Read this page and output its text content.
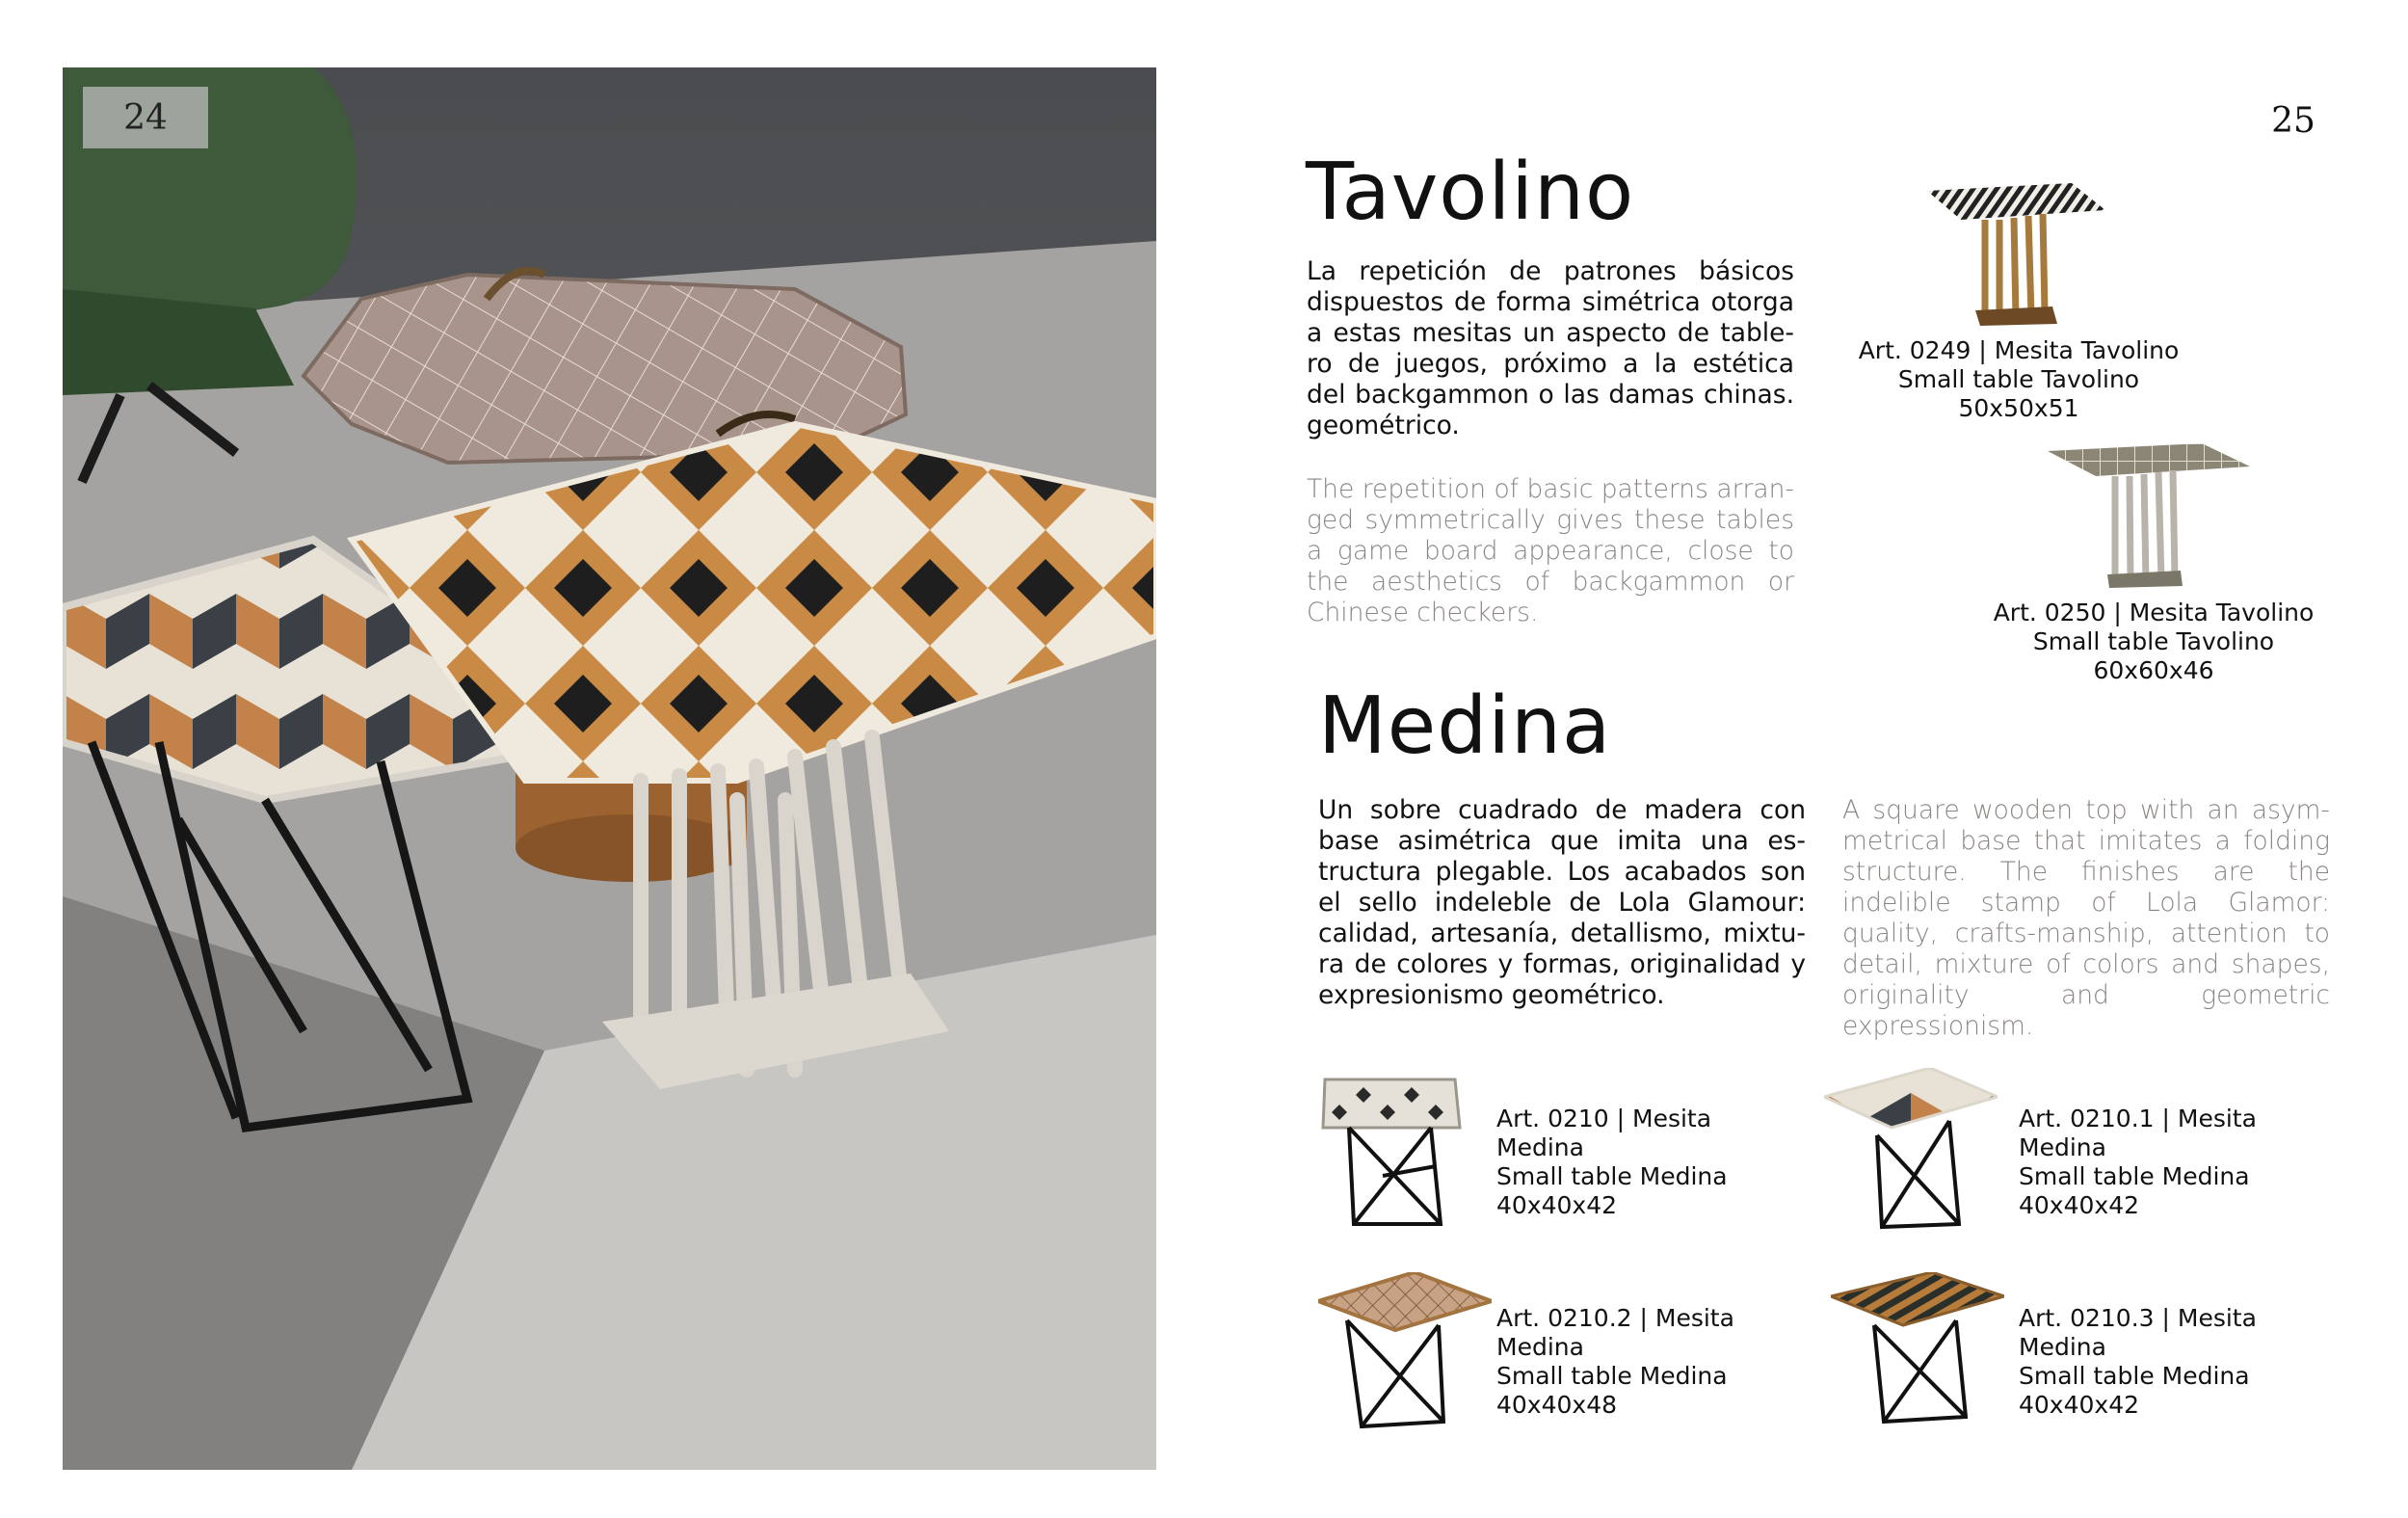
24	25
Tavolino

La repetición de patrones básicos dispuestos de forma simétrica otorga a estas mesitas un aspecto de table-ro de juegos, próximo a la estética del backgammon o las damas chinas. geométrico.

The repetition of basic patterns arran-ged symmetrically gives these tables a game board appearance, close to the aesthetics of backgammon or Chinese checkers.

Art. 0249 | Mesita Tavolino
Small table Tavolino
50x50x51
Art. 0250 | Mesita Tavolino
Small table Tavolino
60x60x46
Medina

Un sobre cuadrado de madera con base asimétrica que imita una es-tructura plegable. Los acabados son el sello indeleble de Lola Glamour: calidad, artesanía, detallismo, mixtu-ra de colores y formas, originalidad y expresionismo geométrico.

A square wooden top with an asym-metrical base that imitates a folding structure. The finishes are the indelible stamp of Lola Glamor: quality, crafts-manship, attention to detail, mixture of colors and shapes, originality and geometric expressionism.

Art. 0210 | Mesita Medina
Small table Medina
40x40x42
Art. 0210.1 | Mesita Medina
Small table Medina
40x40x42
Art. 0210.2 | Mesita Medina
Small table Medina
40x40x48
Art. 0210.3 | Mesita Medina
Small table Medina
40x40x42
